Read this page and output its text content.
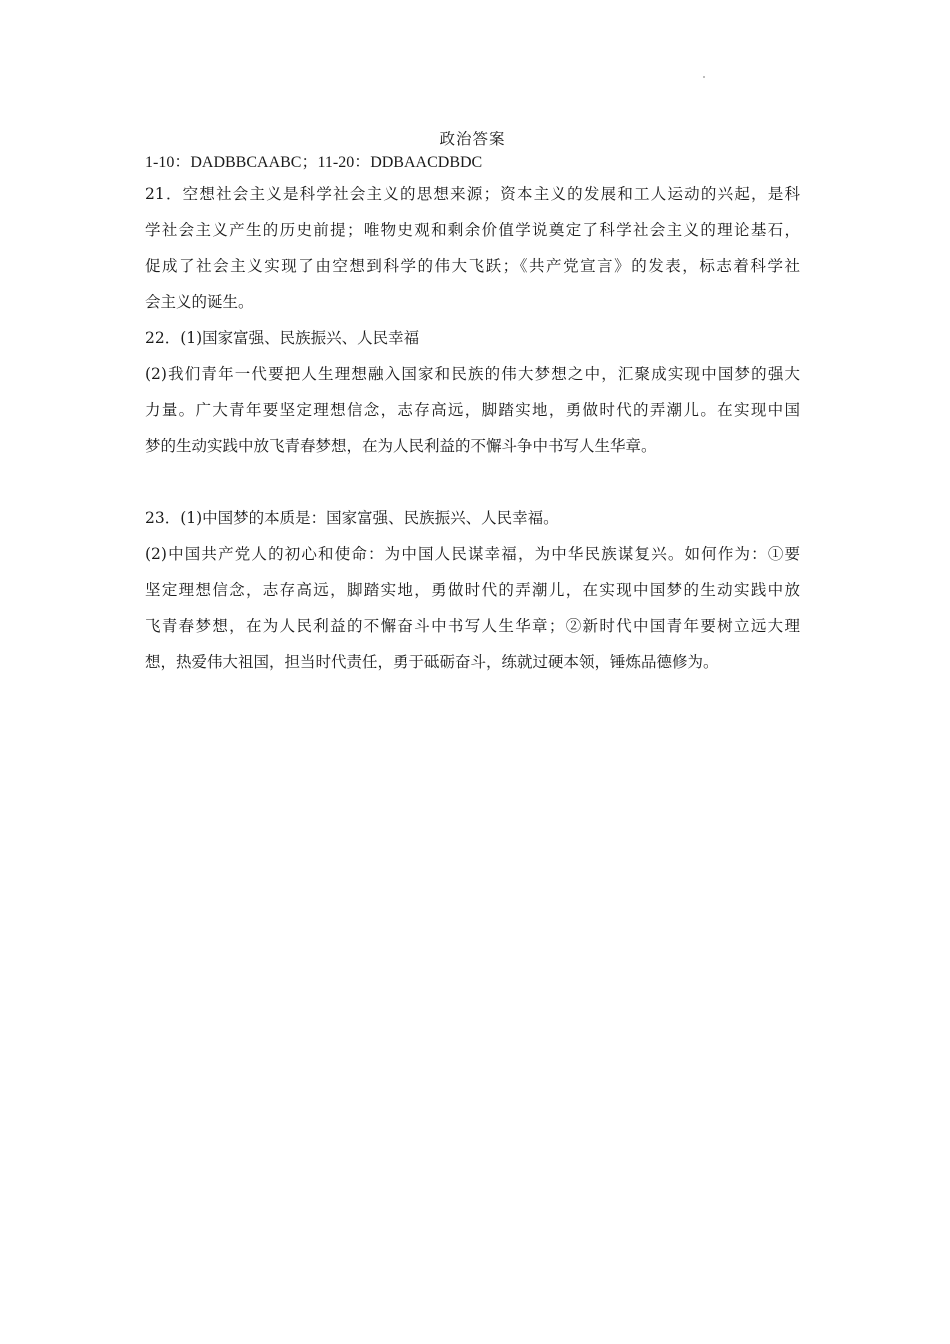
政治答案

1-10：DADBBCAABC；11-20：DDBAACDBDC

21．空想社会主义是科学社会主义的思想来源；资本主义的发展和工人运动的兴起，是科
学社会主义产生的历史前提；唯物史观和剩余价值学说奠定了科学社会主义的理论基石，
促成了社会主义实现了由空想到科学的伟大飞跃；《共产党宣言》的发表，标志着科学社
会主义的诞生。
22．(1)国家富强、民族振兴、人民幸福
(2)我们青年一代要把人生理想融入国家和民族的伟大梦想之中，汇聚成实现中国梦的强大
力量。广大青年要坚定理想信念，志存高远，脚踏实地，勇做时代的弄潮儿。在实现中国
梦的生动实践中放飞青春梦想，在为人民利益的不懈斗争中书写人生华章。
23．(1)中国梦的本质是：国家富强、民族振兴、人民幸福。
(2)中国共产党人的初心和使命：为中国人民谋幸福，为中华民族谋复兴。如何作为：①要
坚定理想信念，志存高远，脚踏实地，勇做时代的弄潮儿，在实现中国梦的生动实践中放
飞青春梦想，在为人民利益的不懈奋斗中书写人生华章；②新时代中国青年要树立远大理
想，热爱伟大祖国，担当时代责任，勇于砥砺奋斗，练就过硬本领，锤炼品德修为。
